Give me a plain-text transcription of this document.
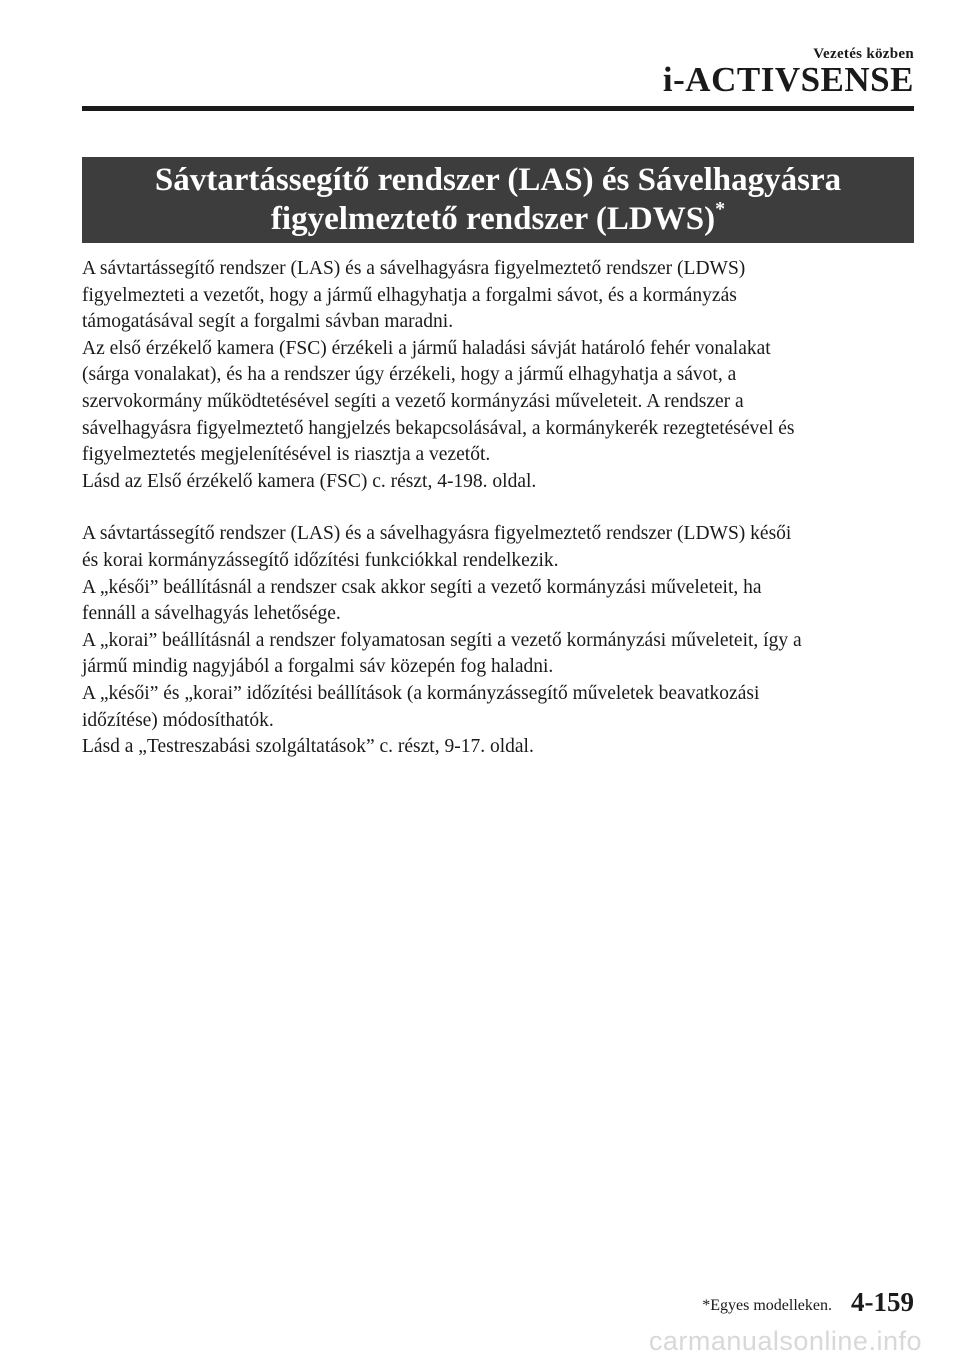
Vezetés közben
i-ACTIVSENSE
Sávtartássegítő rendszer (LAS) és Sávelhagyásra
figyelmeztető rendszer (LDWS)*

A sávtartássegítő rendszer (LAS) és a sávelhagyásra figyelmeztető rendszer (LDWS)

figyelmezteti a vezetőt, hogy a jármű elhagyhatja a forgalmi sávot, és a kormányzás

támogatásával segít a forgalmi sávban maradni.

Az első érzékelő kamera (FSC) érzékeli a jármű haladási sávját határoló fehér vonalakat

(sárga vonalakat), és ha a rendszer úgy érzékeli, hogy a jármű elhagyhatja a sávot, a

szervokormány működtetésével segíti a vezető kormányzási műveleteit. A rendszer a

sávelhagyásra figyelmeztető hangjelzés bekapcsolásával, a kormánykerék rezegtetésével és

figyelmeztetés megjelenítésével is riasztja a vezetőt.

Lásd az Első érzékelő kamera (FSC) c. részt, 4-198. oldal.

A sávtartássegítő rendszer (LAS) és a sávelhagyásra figyelmeztető rendszer (LDWS) késői

és korai kormányzássegítő időzítési funkciókkal rendelkezik.

A „késői” beállításnál a rendszer csak akkor segíti a vezető kormányzási műveleteit, ha

fennáll a sávelhagyás lehetősége.

A „korai” beállításnál a rendszer folyamatosan segíti a vezető kormányzási műveleteit, így a

jármű mindig nagyjából a forgalmi sáv közepén fog haladni.

A „késői” és „korai” időzítési beállítások (a kormányzássegítő műveletek beavatkozási

időzítése) módosíthatók.

Lásd a „Testreszabási szolgáltatások” c. részt, 9-17. oldal.

*Egyes modelleken. 4-159
carmanualsonline.info
